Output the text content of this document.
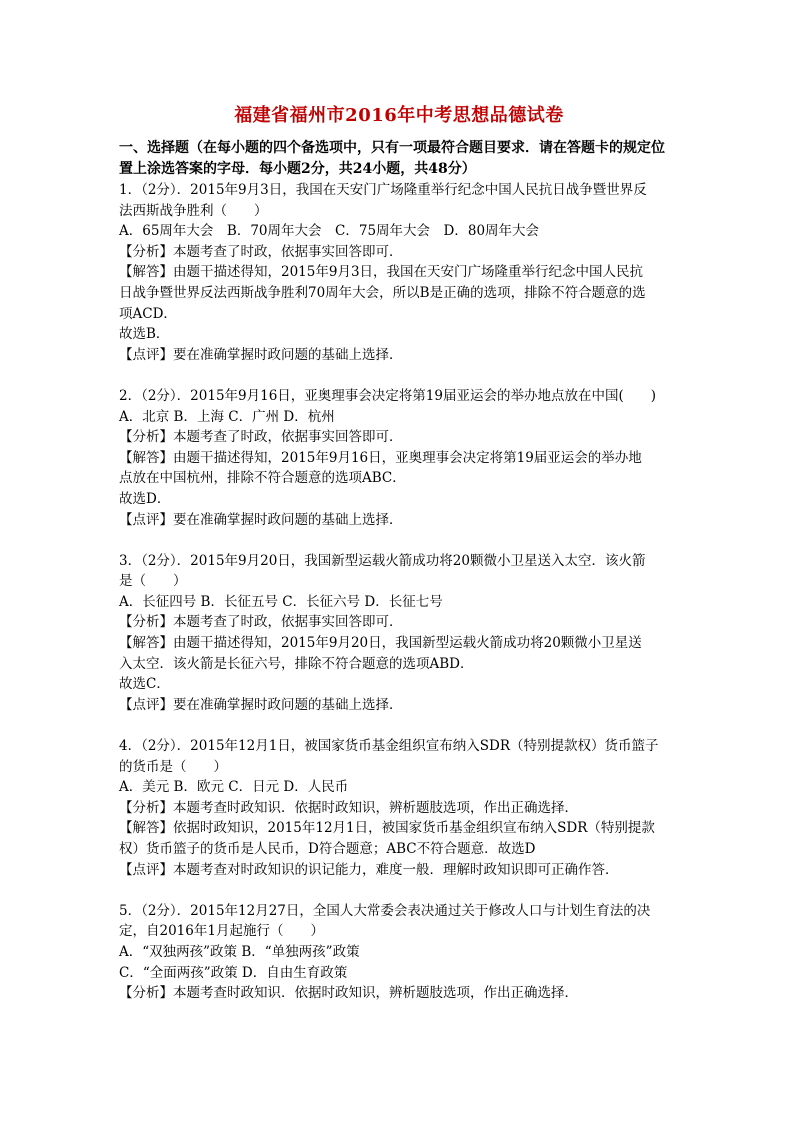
福建省福州市2016年中考思想品德试卷

一、选择题（在每小题的四个备选项中，只有一项最符合题目要求．请在答题卡的规定位

置上涂选答案的字母．每小题2分，共24小题，共48分）

1．（2分）．2015年9月3日，我国在天安门广场隆重举行纪念中国人民抗日战争暨世界反

法西斯战争胜利（　　）

A．65周年大会　B．70周年大会　C．75周年大会　D．80周年大会

【分析】本题考查了时政，依据事实回答即可．

【解答】由题干描述得知，2015年9月3日，我国在天安门广场隆重举行纪念中国人民抗

日战争暨世界反法西斯战争胜利70周年大会，所以B是正确的选项，排除不符合题意的选

项ACD．

故选B．

【点评】要在准确掌握时政问题的基础上选择．

2．（2分）．2015年9月16日，亚奥理事会决定将第19届亚运会的举办地点放在中国(　　)

A．北京 B．上海 C．广州 D．杭州

【分析】本题考查了时政，依据事实回答即可．

【解答】由题干描述得知，2015年9月16日，亚奥理事会决定将第19届亚运会的举办地

点放在中国杭州，排除不符合题意的选项ABC．

故选D．

【点评】要在准确掌握时政问题的基础上选择．

3．（2分）．2015年9月20日，我国新型运载火箭成功将20颗微小卫星送入太空．该火箭

是（　　）

A．长征四号 B．长征五号 C．长征六号 D．长征七号

【分析】本题考查了时政，依据事实回答即可．

【解答】由题干描述得知，2015年9月20日，我国新型运载火箭成功将20颗微小卫星送

入太空．该火箭是长征六号，排除不符合题意的选项ABD．

故选C．

【点评】要在准确掌握时政问题的基础上选择．

4．（2分）．2015年12月1日，被国家货币基金组织宣布纳入SDR（特别提款权）货币篮子

的货币是（　　）

A．美元 B．欧元 C．日元 D．人民币

【分析】本题考查时政知识．依据时政知识，辨析题肢选项，作出正确选择．

【解答】依据时政知识，2015年12月1日，被国家货币基金组织宣布纳入SDR（特别提款

权）货币篮子的货币是人民币，D符合题意；ABC不符合题意．故选D

【点评】本题考查对时政知识的识记能力，难度一般．理解时政知识即可正确作答．

5．（2分）．2015年12月27日，全国人大常委会表决通过关于修改人口与计划生育法的决

定，自2016年1月起施行（　　）

A．“双独两孩”政策 B．“单独两孩”政策

C．“全面两孩”政策 D．自由生育政策

【分析】本题考查时政知识．依据时政知识，辨析题肢选项，作出正确选择．
